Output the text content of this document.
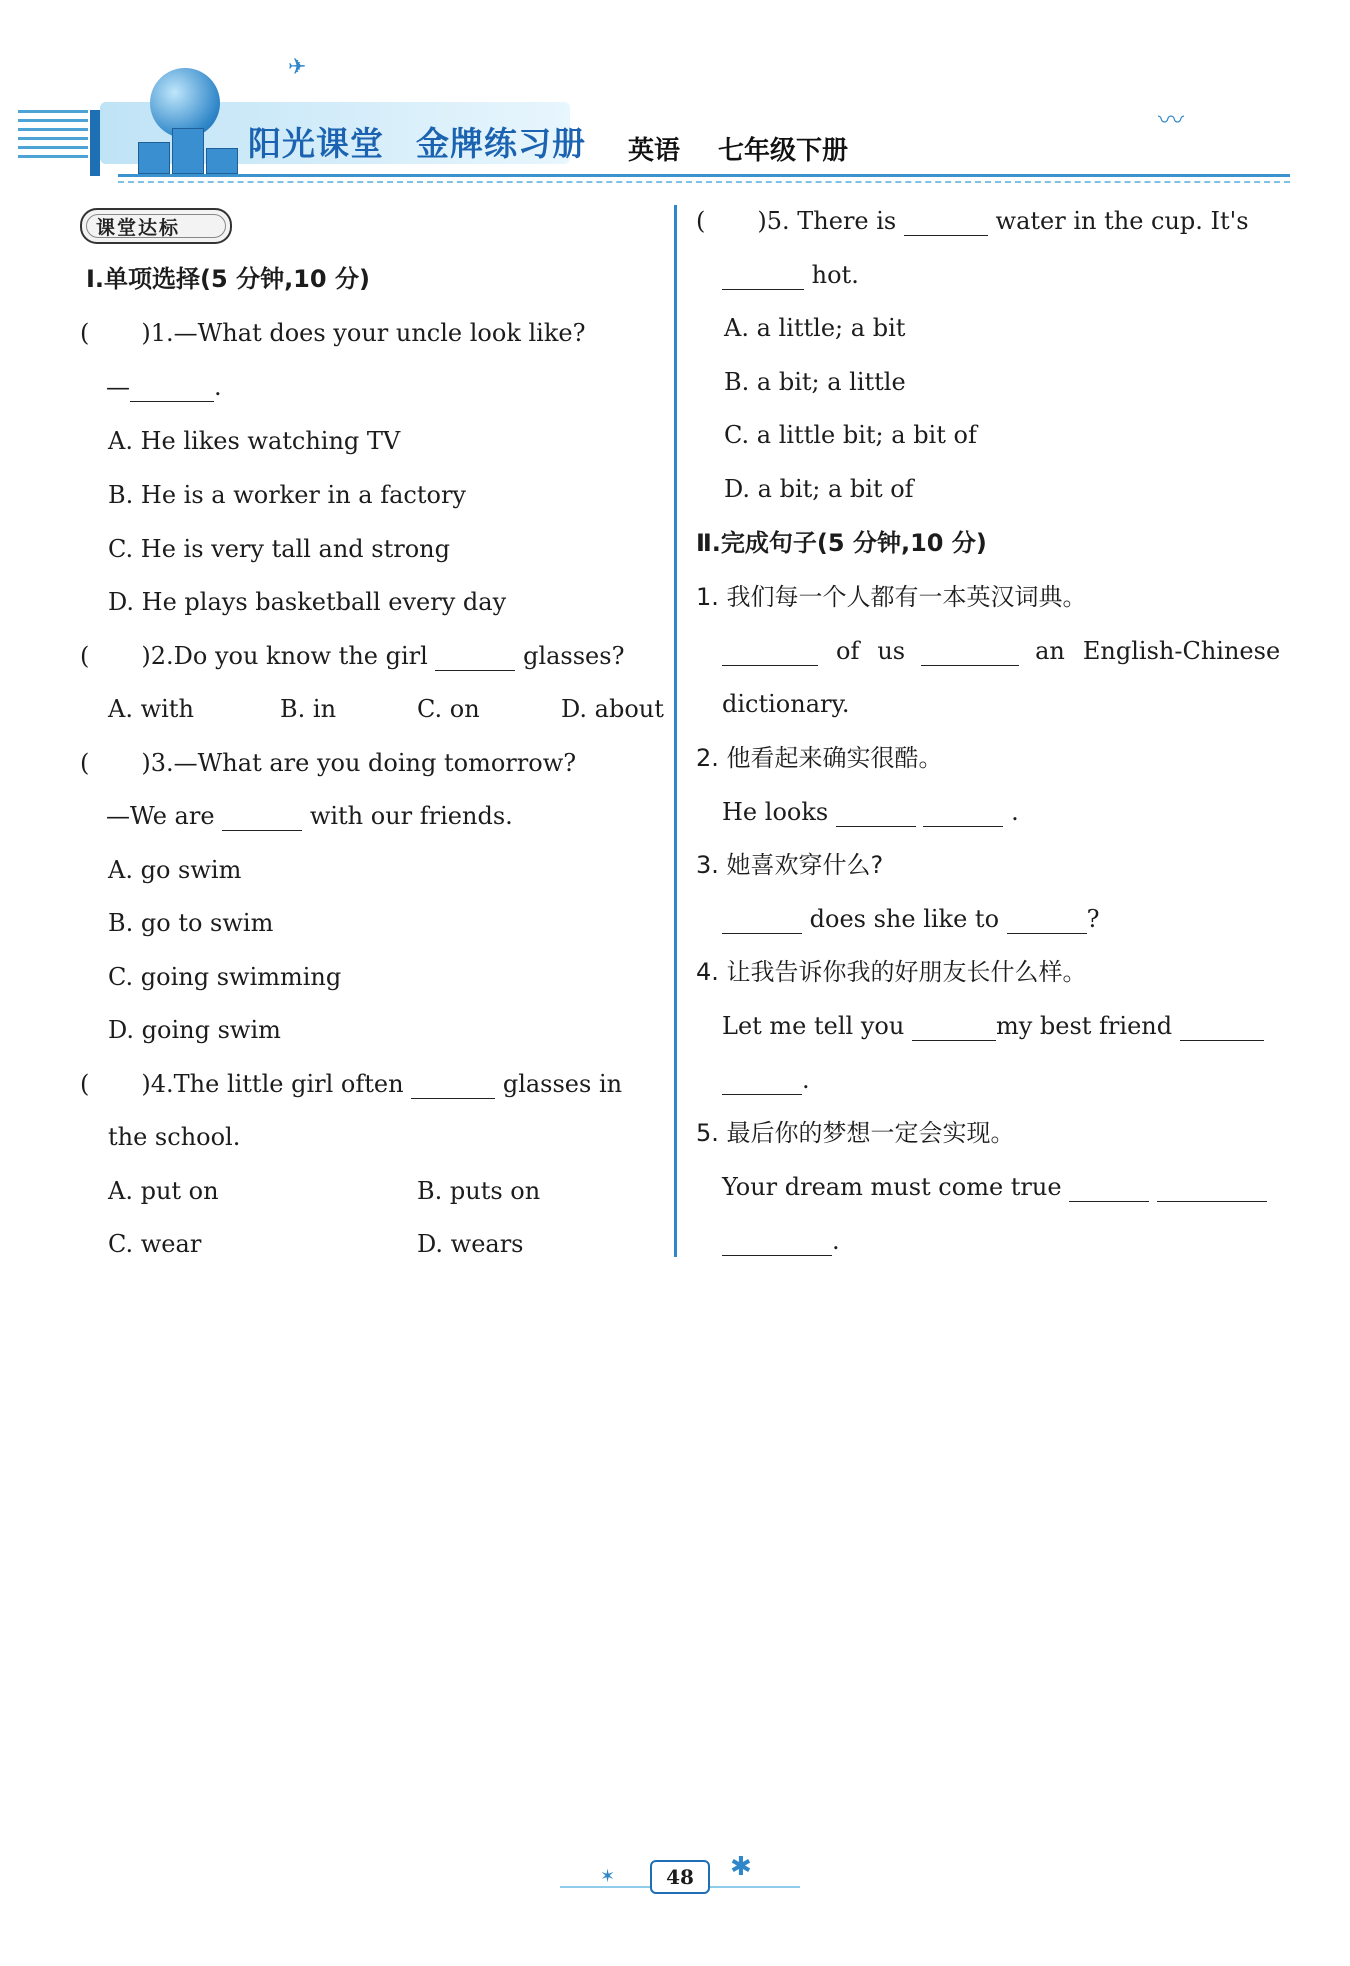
阳光课堂 金牌练习册 英语 七年级下册
〰
✈
课堂达标
Ⅰ.单项选择(5 分钟,10 分)
( )1.—What does your uncle look like?
—	.
A. He likes watching TV
B. He is a worker in a factory
C. He is very tall and strong
D. He plays basketball every day
( )2.Do you know the girl	glasses?
A. with	B. in	C. on	D. about
( )3.—What are you doing tomorrow?
—We are	with our friends.
A. go swim
B. go to swim
C. going swimming
D. going swim
( )4.The little girl often	glasses in
the school.
A. put on	B. puts on
C. wear	D. wears
( )5. There is	water in the cup. It's
hot.
A. a little; a bit
B. a bit; a little
C. a little bit; a bit of
D. a bit; a bit of
Ⅱ.完成句子(5 分钟,10 分)
1. 我们每一个人都有一本英汉词典。
of us	an English-Chinese
dictionary.
2. 他看起来确实很酷。
He looks	.
3. 她喜欢穿什么?
does she like to	?
4. 让我告诉你我的好朋友长什么样。
Let me tell you	my best friend
.
5. 最后你的梦想一定会实现。
Your dream must come true
.
✶	✱
48
